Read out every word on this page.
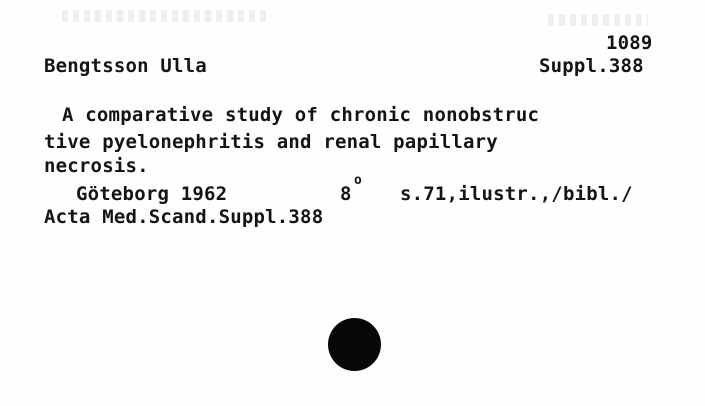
1089
Bengtsson Ulla	Suppl.388
A comparative study of chronic nonobstruc
tive pyelonephritis and renal papillary
necrosis.
Göteborg 1962	8
o
s.71,ilustr.,/bibl./
Acta Med.Scand.Suppl.388
